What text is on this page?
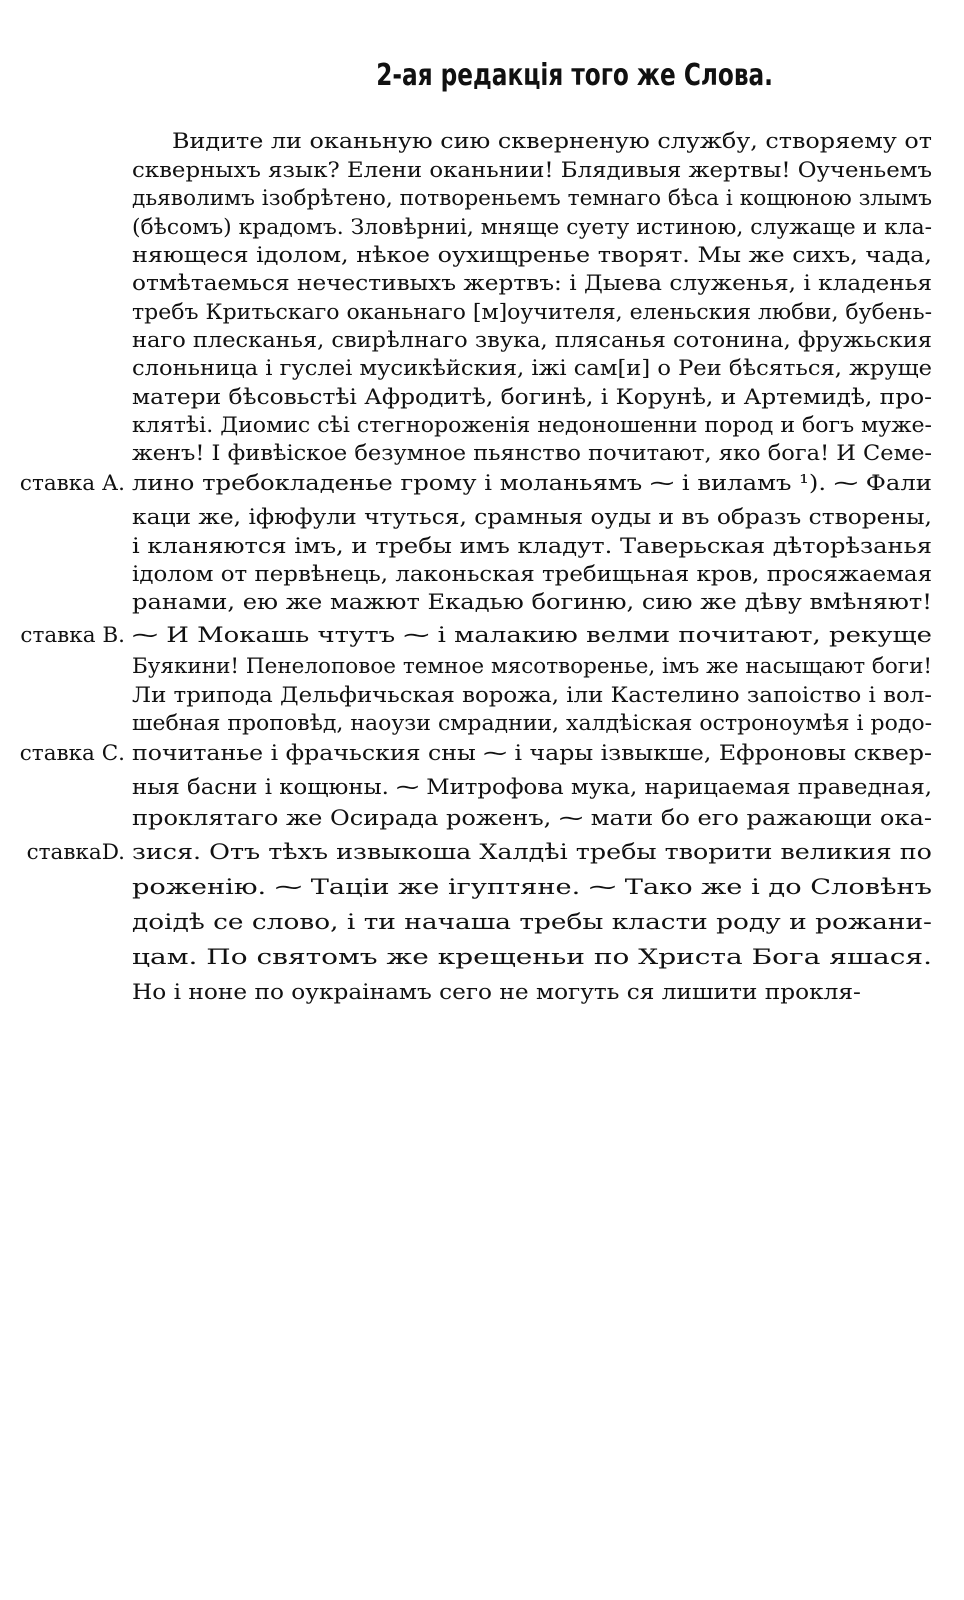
2-ая редакція того же Слова.
ставка А.
ставка В.
ставка С.
ставкаD.
Видите ли оканьную сию скверненую службу, створяему от
скверныхъ язык? Елени оканьнии! Блядивыя жертвы! Оученьемъ
дьяволимъ ізобрѣтено, потвореньемъ темнаго бѣса і кощюною злымъ
(бѣсомъ) крадомъ. Зловѣрниі, мняще суету истиною, служаще и кла-
няющеся ідолом, нѣкое оухищренье творят. Мы же сихъ, чада,
отмѣтаемься нечестивыхъ жертвъ: і Дыева служенья, і кладенья
требъ Критьскаго оканьнаго [м]оучителя, еленьския любви, бубень-
наго плесканья, свирѣлнаго звука, плясанья сотонина, фружьския
слоньница і гуслеі мусикѣйския, іжі сам[и] о Реи бѣсяться, жруще
матери бѣсовьстѣі Афродитѣ, богинѣ, і Корунѣ, и Артемидѣ, про-
клятѣі. Диомис сѣі стегнороженія недоношенни пород и богъ муже-
женъ! І фивѣіское безумное пьянство почитают, яко бога! И Семе-
лино требокладенье грому і моланьямъ ⁓ і виламъ ¹). ⁓ Фали
каци же, іфюфули чтуться, срамныя оуды и въ образъ створены,
і кланяются імъ, и требы имъ кладут. Таверьская дѣторѣзанья
ідолом от первѣнець, лаконьская требищьная кров, просяжаемая
ранами, ею же мажют Екадью богиню, сию же дѣву вмѣняют!
⁓ И Мокашь чтутъ ⁓ і малакию велми почитают, рекуще
Буякини! Пенелоповое темное мясотворенье, імъ же насыщают боги!
Ли трипода Дельфичьская ворожа, іли Кастелино запоіство і вол-
шебная проповѣд, наоузи смраднии, халдѣіская остроноумѣя і родо-
почитанье і фрачьския сны ⁓ і чары ізвыкше, Ефроновы сквер-
ныя басни і кощюны. ⁓ Митрофова мука, нарицаемая праведная,
проклятаго же Осирада роженъ, ⁓ мати бо его ражающи ока-
зися. Отъ тѣхъ извыкоша Халдѣі требы творити великия по
роженію. ⁓ Таціи же ігуптяне. ⁓ Тако же і до Словѣнъ
доідѣ се слово, і ти начаша требы класти роду и рожани-
цам. По святомъ же крещеньи по Христа Бога яшася.
Но і ноне по оукраінамъ сего не могуть ся лишити прокля-
